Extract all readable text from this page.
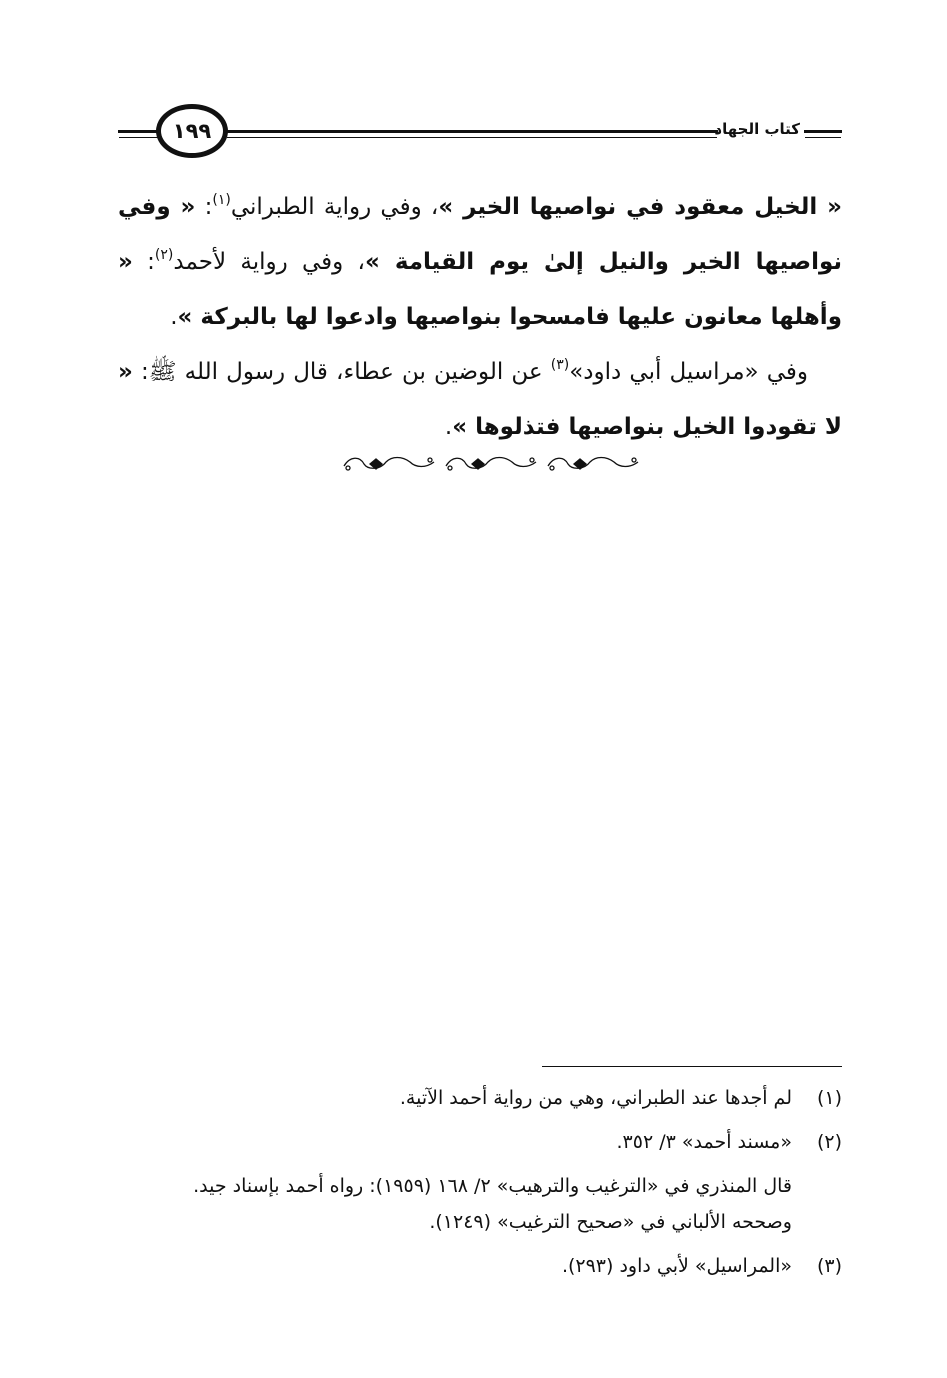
١٩٩	كتاب الجهاد

« الخيل معقود في نواصيها الخير »، وفي رواية الطبراني$^{(١)}$: « وفي نواصيها الخير والنيل إلىٰ يوم القيامة »، وفي رواية لأحمد$^{(٢)}$: « وأهلها معانون عليها فامسحوا بنواصيها وادعوا لها بالبركة ».

وفي «مراسيل أبي داود»$^{(٣)}$ عن الوضين بن عطاء، قال رسول الله ﷺ: « لا تقودوا الخيل بنواصيها فتذلوها ».

(١)
لم أجدها عند الطبراني، وهي من رواية أحمد الآتية.
(٢)
«مسند أحمد» ٣/ ٣٥٢.

قال المنذري في «الترغيب والترهيب» ٢/ ١٦٨ (١٩٥٩): رواه أحمد بإسناد جيد.

وصححه الألباني في «صحيح الترغيب» (١٢٤٩).

(٣)
«المراسيل» لأبي داود (٢٩٣).
